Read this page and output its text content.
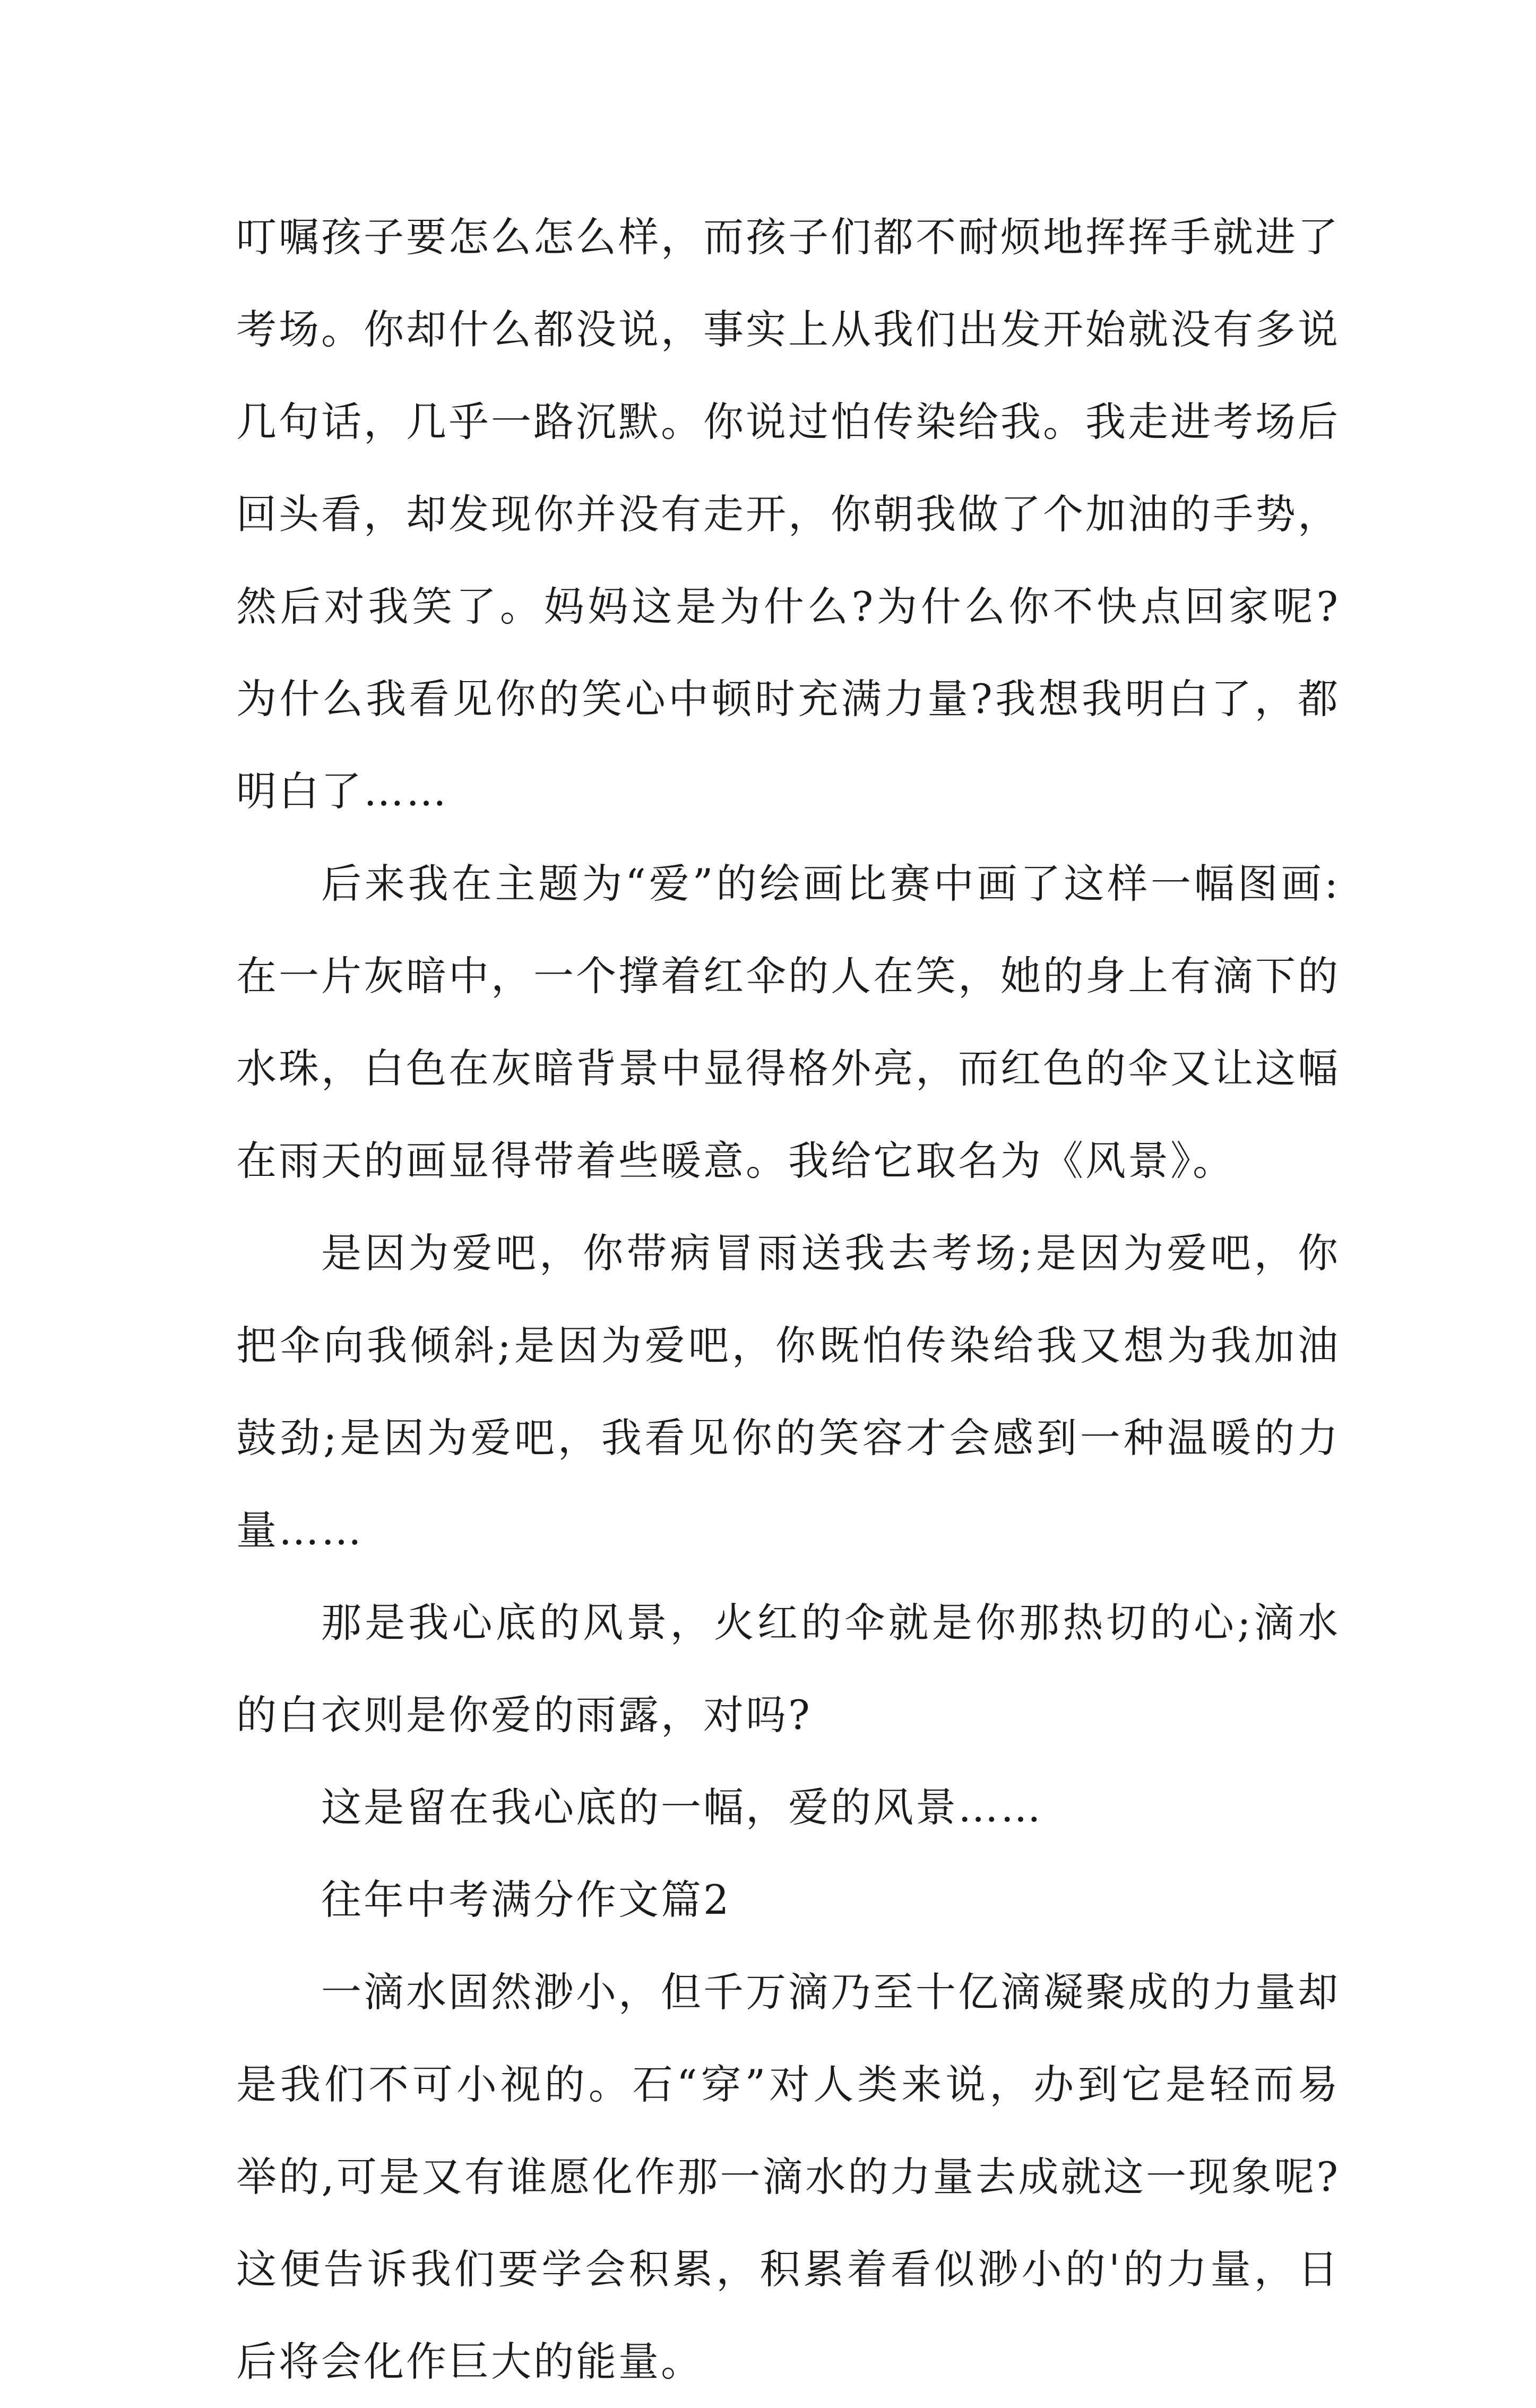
叮嘱孩子要怎么怎么样，而孩子们都不耐烦地挥挥手就进了考场。你却什么都没说，事实上从我们出发开始就没有多说几句话，几乎一路沉默。你说过怕传染给我。我走进考场后回头看，却发现你并没有走开，你朝我做了个加油的手势，然后对我笑了。妈妈这是为什么?为什么你不快点回家呢?为什么我看见你的笑心中顿时充满力量?我想我明白了，都明白了……

后来我在主题为“爱”的绘画比赛中画了这样一幅图画:在一片灰暗中，一个撑着红伞的人在笑，她的身上有滴下的水珠，白色在灰暗背景中显得格外亮，而红色的伞又让这幅在雨天的画显得带着些暖意。我给它取名为《风景》。

是因为爱吧，你带病冒雨送我去考场;是因为爱吧，你把伞向我倾斜;是因为爱吧，你既怕传染给我又想为我加油鼓劲;是因为爱吧，我看见你的笑容才会感到一种温暖的力量……

那是我心底的风景，火红的伞就是你那热切的心;滴水的白衣则是你爱的雨露，对吗?

这是留在我心底的一幅，爱的风景……

往年中考满分作文篇2

一滴水固然渺小，但千万滴乃至十亿滴凝聚成的力量却是我们不可小视的。石“穿”对人类来说，办到它是轻而易举的,可是又有谁愿化作那一滴水的力量去成就这一现象呢?这便告诉我们要学会积累，积累着看似渺小的'的力量，日后将会化作巨大的能量。
